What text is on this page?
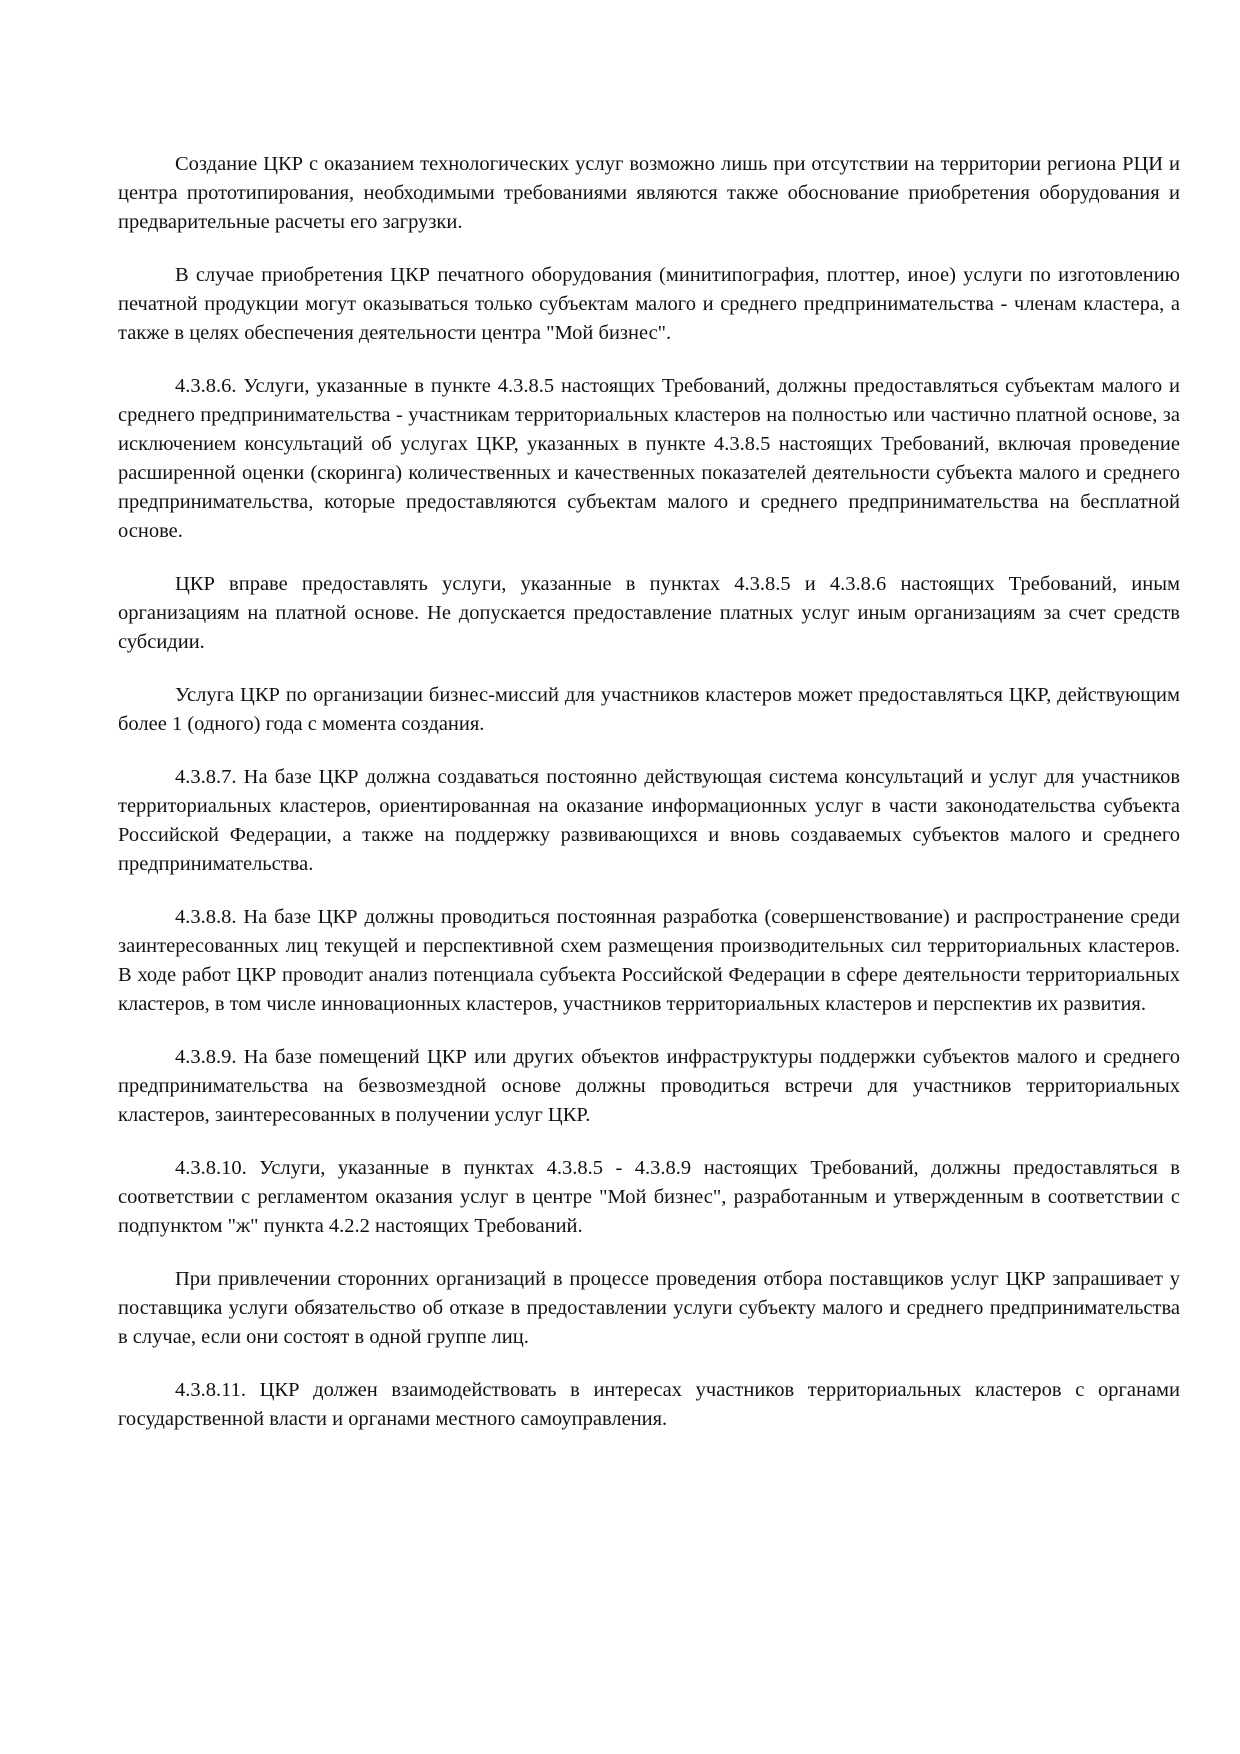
Создание ЦКР с оказанием технологических услуг возможно лишь при отсутствии на территории региона РЦИ и центра прототипирования, необходимыми требованиями являются также обоснование приобретения оборудования и предварительные расчеты его загрузки.

В случае приобретения ЦКР печатного оборудования (минитипография, плоттер, иное) услуги по изготовлению печатной продукции могут оказываться только субъектам малого и среднего предпринимательства - членам кластера, а также в целях обеспечения деятельности центра "Мой бизнес".

4.3.8.6. Услуги, указанные в пункте 4.3.8.5 настоящих Требований, должны предоставляться субъектам малого и среднего предпринимательства - участникам территориальных кластеров на полностью или частично платной основе, за исключением консультаций об услугах ЦКР, указанных в пункте 4.3.8.5 настоящих Требований, включая проведение расширенной оценки (скоринга) количественных и качественных показателей деятельности субъекта малого и среднего предпринимательства, которые предоставляются субъектам малого и среднего предпринимательства на бесплатной основе.

ЦКР вправе предоставлять услуги, указанные в пунктах 4.3.8.5 и 4.3.8.6 настоящих Требований, иным организациям на платной основе. Не допускается предоставление платных услуг иным организациям за счет средств субсидии.

Услуга ЦКР по организации бизнес-миссий для участников кластеров может предоставляться ЦКР, действующим более 1 (одного) года с момента создания.

4.3.8.7. На базе ЦКР должна создаваться постоянно действующая система консультаций и услуг для участников территориальных кластеров, ориентированная на оказание информационных услуг в части законодательства субъекта Российской Федерации, а также на поддержку развивающихся и вновь создаваемых субъектов малого и среднего предпринимательства.

4.3.8.8. На базе ЦКР должны проводиться постоянная разработка (совершенствование) и распространение среди заинтересованных лиц текущей и перспективной схем размещения производительных сил территориальных кластеров. В ходе работ ЦКР проводит анализ потенциала субъекта Российской Федерации в сфере деятельности территориальных кластеров, в том числе инновационных кластеров, участников территориальных кластеров и перспектив их развития.

4.3.8.9. На базе помещений ЦКР или других объектов инфраструктуры поддержки субъектов малого и среднего предпринимательства на безвозмездной основе должны проводиться встречи для участников территориальных кластеров, заинтересованных в получении услуг ЦКР.

4.3.8.10. Услуги, указанные в пунктах 4.3.8.5 - 4.3.8.9 настоящих Требований, должны предоставляться в соответствии с регламентом оказания услуг в центре "Мой бизнес", разработанным и утвержденным в соответствии с подпунктом "ж" пункта 4.2.2 настоящих Требований.

При привлечении сторонних организаций в процессе проведения отбора поставщиков услуг ЦКР запрашивает у поставщика услуги обязательство об отказе в предоставлении услуги субъекту малого и среднего предпринимательства в случае, если они состоят в одной группе лиц.

4.3.8.11. ЦКР должен взаимодействовать в интересах участников территориальных кластеров с органами государственной власти и органами местного самоуправления.
